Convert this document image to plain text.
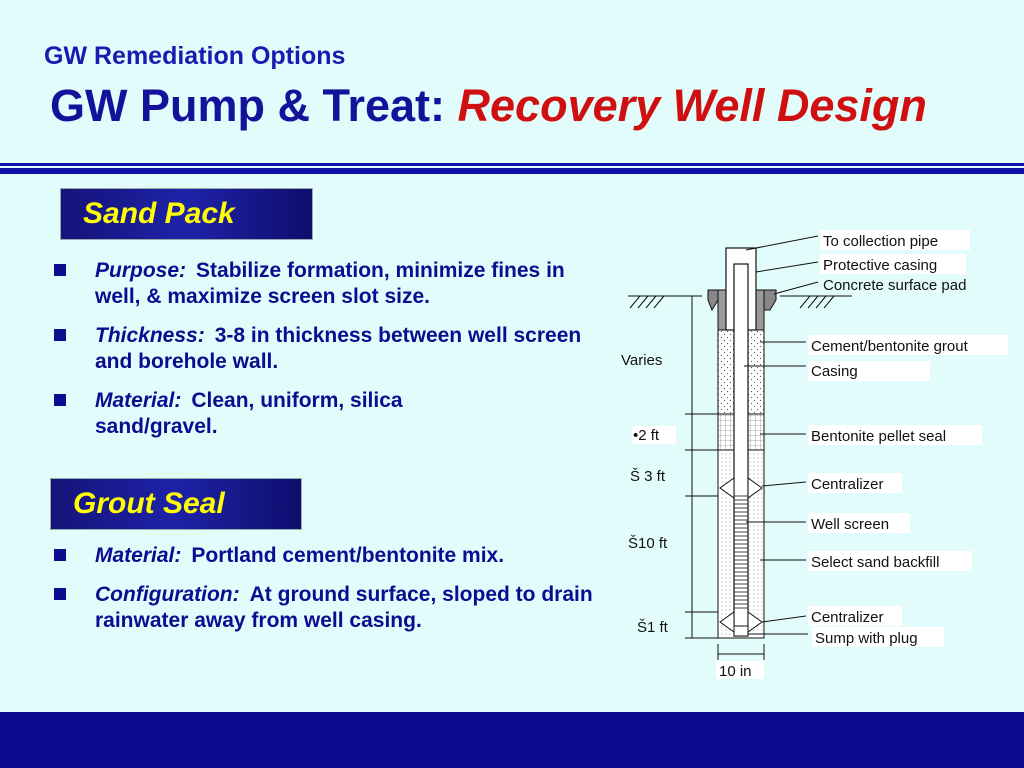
GW Remediation Options
GW Pump & Treat: Recovery Well Design
Sand Pack
Purpose: Stabilize formation, minimize fines in well, & maximize screen slot size.
Thickness: 3-8 in thickness between well screen and borehole wall.
Material: Clean, uniform, silica sand/gravel.
Grout Seal
Material: Portland cement/bentonite mix.
Configuration: At ground surface, sloped to drain rainwater away from well casing.
To collection pipe
Protective casing
Concrete surface pad
Cement/bentonite grout
Casing
Bentonite pellet seal
Centralizer
Well screen
Select sand backfill
Centralizer
Sump with plug
Varies
•2 ft
Š 3 ft
Š10 ft
Š1 ft
10 in
